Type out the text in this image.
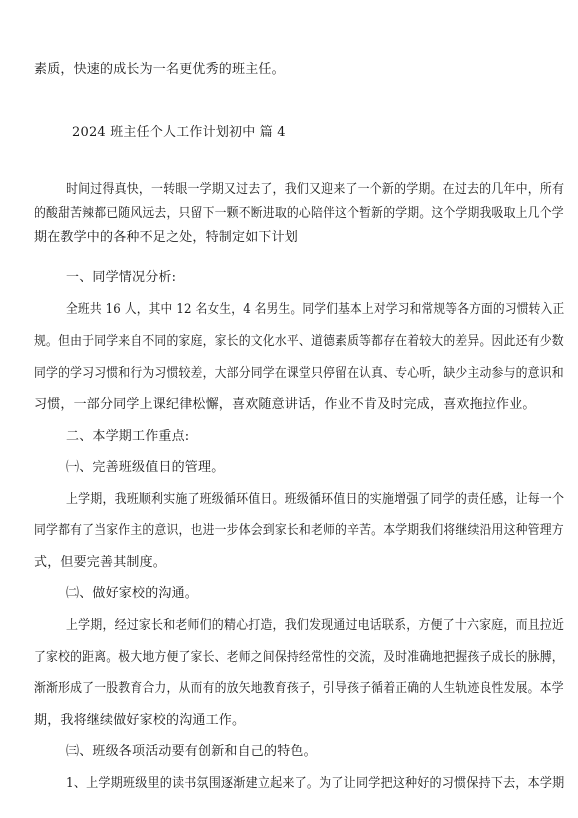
素质，快速的成长为一名更优秀的班主任。
2024 班主任个人工作计划初中 篇 4
时间过得真快，一转眼一学期又过去了，我们又迎来了一个新的学期。在过去的几年中，所有
的酸甜苦辣都已随风远去，只留下一颗不断进取的心陪伴这个暂新的学期。这个学期我吸取上几个学
期在教学中的各种不足之处，特制定如下计划
一、同学情况分析:
全班共 16 人，其中 12 名女生，4 名男生。同学们基本上对学习和常规等各方面的习惯转入正
规。但由于同学来自不同的家庭，家长的文化水平、道德素质等都存在着较大的差异。因此还有少数
同学的学习习惯和行为习惯较差，大部分同学在课堂只停留在认真、专心听，缺少主动参与的意识和
习惯，一部分同学上课纪律松懈，喜欢随意讲话，作业不肯及时完成，喜欢拖拉作业。
二、本学期工作重点:
㈠、完善班级值日的管理。
上学期，我班顺利实施了班级循环值日。班级循环值日的实施增强了同学的责任感，让每一个
同学都有了当家作主的意识，也进一步体会到家长和老师的辛苦。本学期我们将继续沿用这种管理方
式，但要完善其制度。
㈡、做好家校的沟通。
上学期，经过家长和老师们的精心打造，我们发现通过电话联系，方便了十六家庭，而且拉近
了家校的距离。极大地方便了家长、老师之间保持经常性的交流，及时准确地把握孩子成长的脉膊，
渐渐形成了一股教育合力，从而有的放矢地教育孩子，引导孩子循着正确的人生轨迹良性发展。本学
期，我将继续做好家校的沟通工作。
㈢、班级各项活动要有创新和自己的特色。
1、上学期班级里的读书氛围逐渐建立起来了。为了让同学把这种好的习惯保持下去，本学期
